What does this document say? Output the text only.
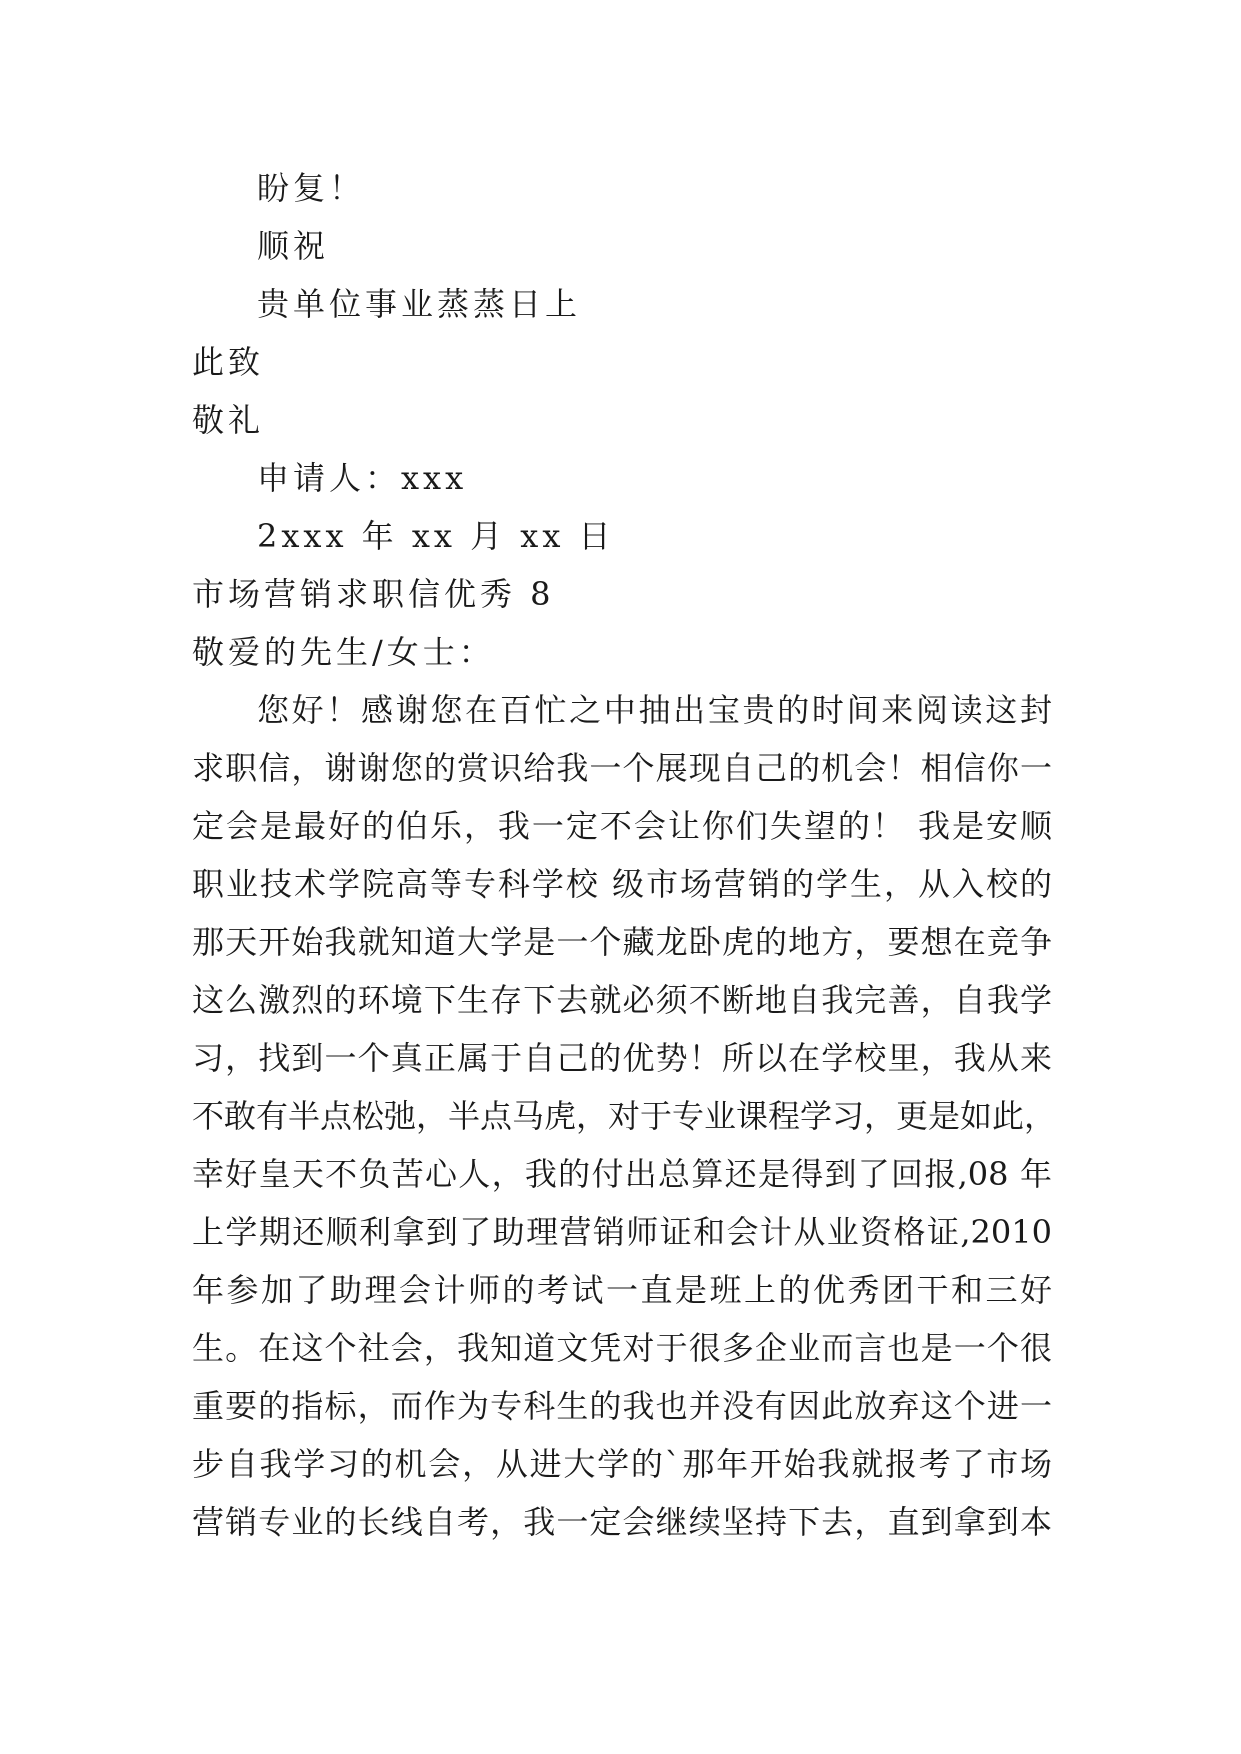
盼复！
顺祝
贵单位事业蒸蒸日上
此致
敬礼
申请人：xxx
2xxx 年 xx 月 xx 日
市场营销求职信优秀 8
敬爱的先生/女士：
您好！感谢您在百忙之中抽出宝贵的时间来阅读这封
求职信，谢谢您的赏识给我一个展现自己的机会！相信你一
定会是最好的伯乐，我一定不会让你们失望的！ 我是安顺
职业技术学院高等专科学校 级市场营销的学生，从入校的
那天开始我就知道大学是一个藏龙卧虎的地方，要想在竞争
这么激烈的环境下生存下去就必须不断地自我完善，自我学
习，找到一个真正属于自己的优势！所以在学校里，我从来
不敢有半点松弛，半点马虎，对于专业课程学习，更是如此，
幸好皇天不负苦心人，我的付出总算还是得到了回报,08 年
上学期还顺利拿到了助理营销师证和会计从业资格证,2010
年参加了助理会计师的考试一直是班上的优秀团干和三好
生。在这个社会，我知道文凭对于很多企业而言也是一个很
重要的指标，而作为专科生的我也并没有因此放弃这个进一
步自我学习的机会，从进大学的`那年开始我就报考了市场
营销专业的长线自考，我一定会继续坚持下去，直到拿到本
